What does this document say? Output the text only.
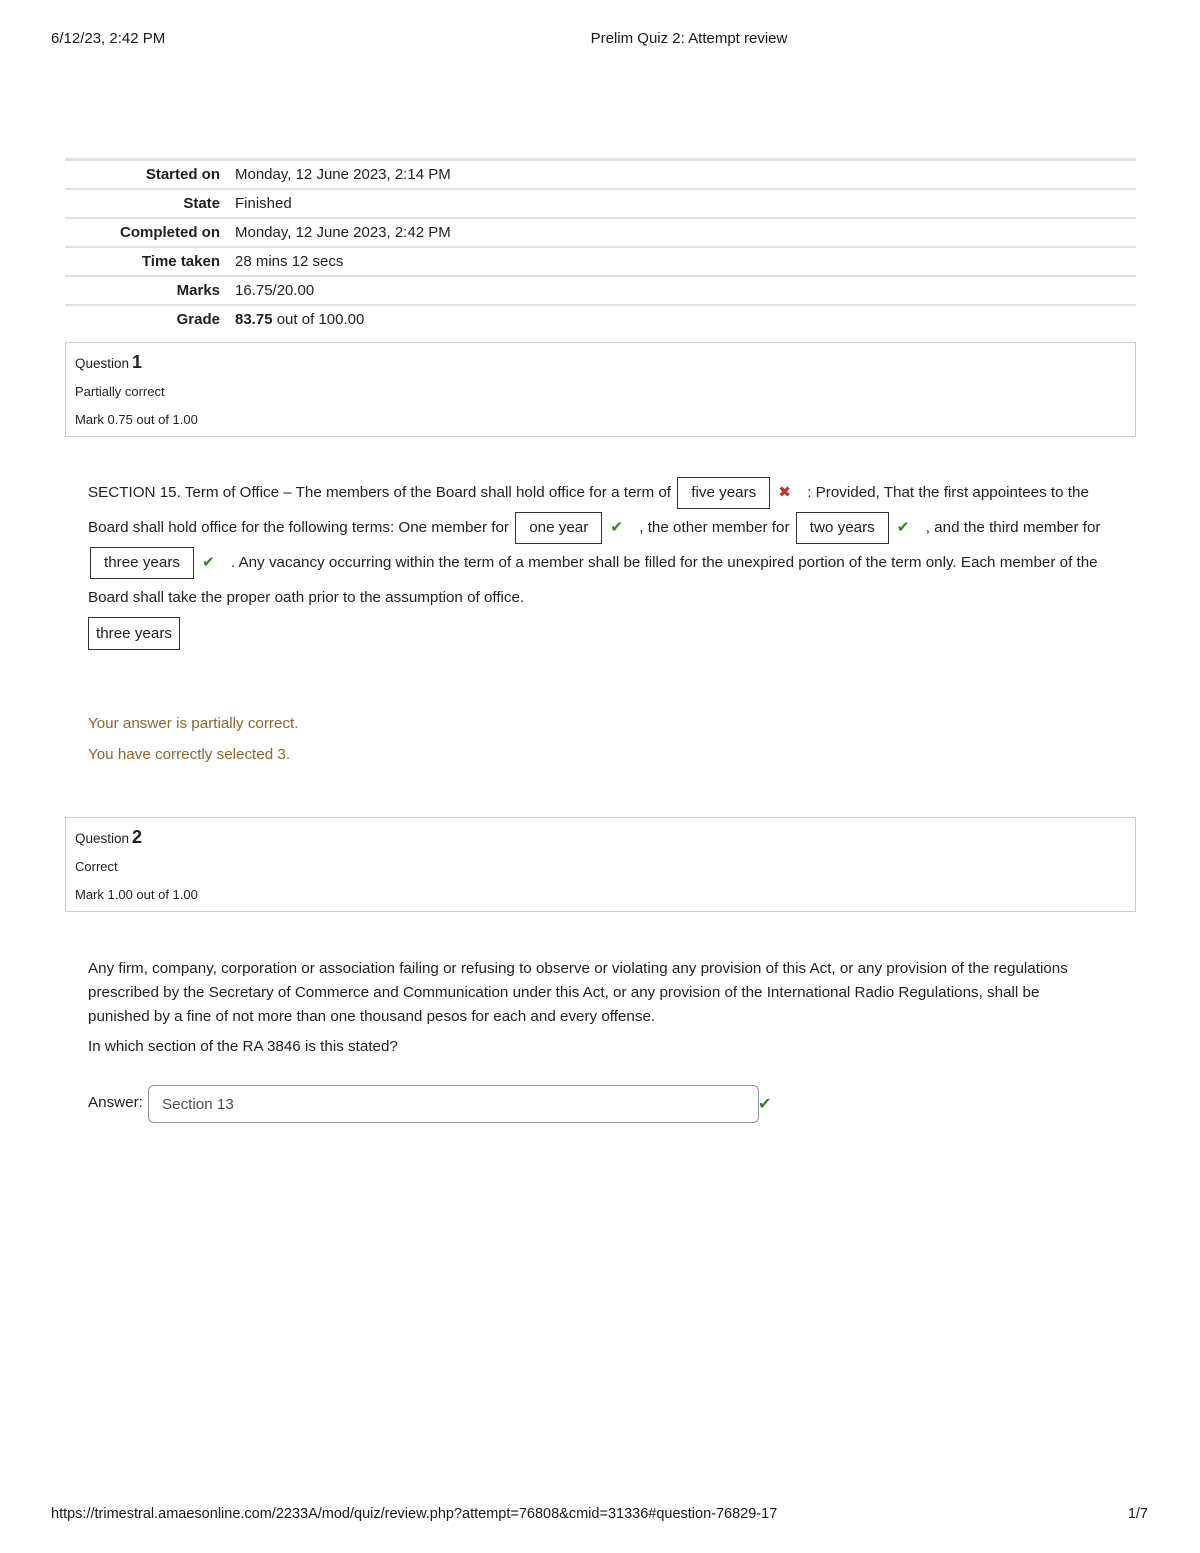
6/12/23, 2:42 PM	Prelim Quiz 2: Attempt review
Started on	Monday, 12 June 2023, 2:14 PM
State	Finished
Completed on	Monday, 12 June 2023, 2:42 PM
Time taken	28 mins 12 secs
Marks	16.75/20.00
Grade	83.75 out of 100.00
Question 1
Partially correct
Mark 0.75 out of 1.00
SECTION 15. Term of Office – The members of the Board shall hold office for a term of five years ✖ : Provided, That the first appointees to the Board shall hold office for the following terms: One member for one year ✔ , the other member for two years ✔ , and the third member for three years ✔ . Any vacancy occurring within the term of a member shall be filled for the unexpired portion of the term only. Each member of the Board shall take the proper oath prior to the assumption of office.
three years
Your answer is partially correct.
You have correctly selected 3.
Question 2
Correct
Mark 1.00 out of 1.00
Any firm, company, corporation or association failing or refusing to observe or violating any provision of this Act, or any provision of the regulations prescribed by the Secretary of Commerce and Communication under this Act, or any provision of the International Radio Regulations, shall be punished by a fine of not more than one thousand pesos for each and every offense.
In which section of the RA 3846 is this stated?
Answer:
Section 13	✔
https://trimestral.amaesonline.com/2233A/mod/quiz/review.php?attempt=76808&cmid=31336#question-76829-17	1/7
